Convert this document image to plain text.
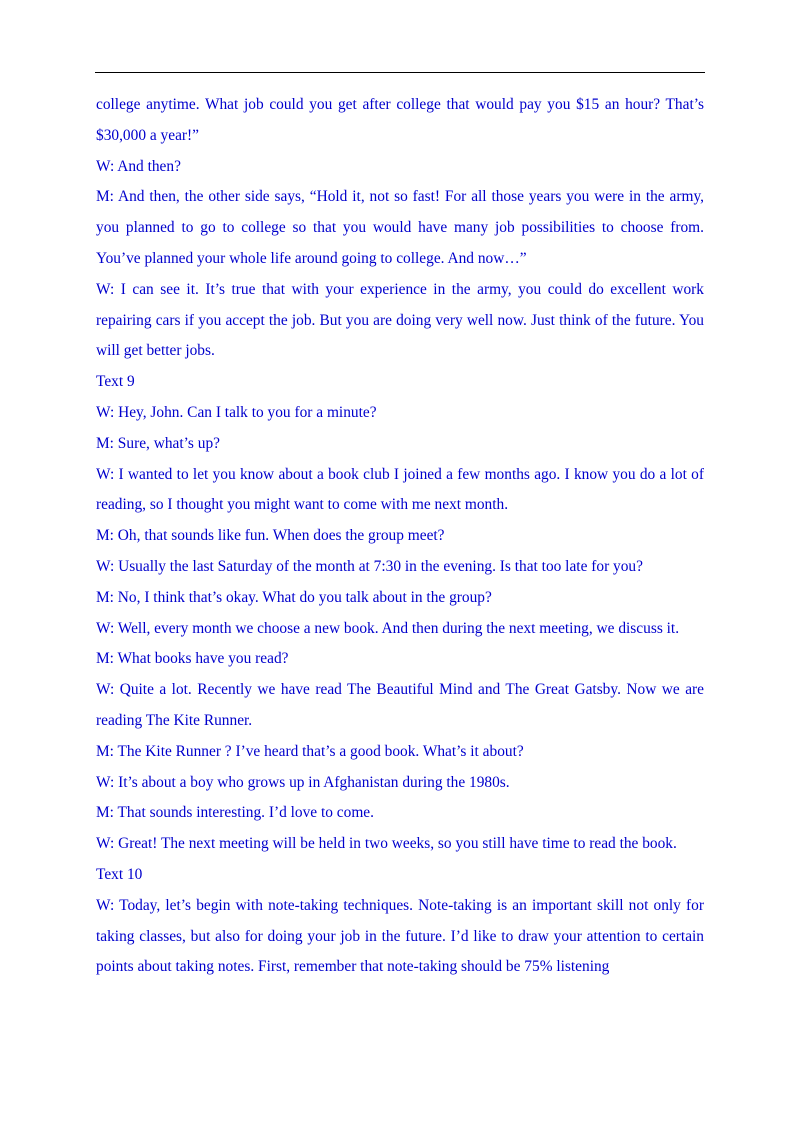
college anytime. What job could you get after college that would pay you $15 an hour? That’s $30,000 a year!”

W: And then?

M: And then, the other side says, “Hold it, not so fast! For all those years you were in the army, you planned to go to college so that you would have many job possibilities to choose from. You’ve planned your whole life around going to college. And now…”

W: I can see it. It’s true that with your experience in the army, you could do excellent work repairing cars if you accept the job. But you are doing very well now. Just think of the future. You will get better jobs.

Text 9

W: Hey, John. Can I talk to you for a minute?

M: Sure, what’s up?

W: I wanted to let you know about a book club I joined a few months ago. I know you do a lot of reading, so I thought you might want to come with me next month.

M: Oh, that sounds like fun. When does the group meet?

W: Usually the last Saturday of the month at 7:30 in the evening. Is that too late for you?

M: No, I think that’s okay. What do you talk about in the group?

W: Well, every month we choose a new book. And then during the next meeting, we discuss it.

M: What books have you read?

W: Quite a lot. Recently we have read The Beautiful Mind and The Great Gatsby. Now we are reading The Kite Runner.

M: The Kite Runner ? I’ve heard that’s a good book. What’s it about?

W: It’s about a boy who grows up in Afghanistan during the 1980s.

M: That sounds interesting. I’d love to come.

W: Great! The next meeting will be held in two weeks, so you still have time to read the book.

Text 10

W: Today, let’s begin with note-taking techniques. Note-taking is an important skill not only for taking classes, but also for doing your job in the future. I’d like to draw your attention to certain points about taking notes. First, remember that note-taking should be 75% listening
